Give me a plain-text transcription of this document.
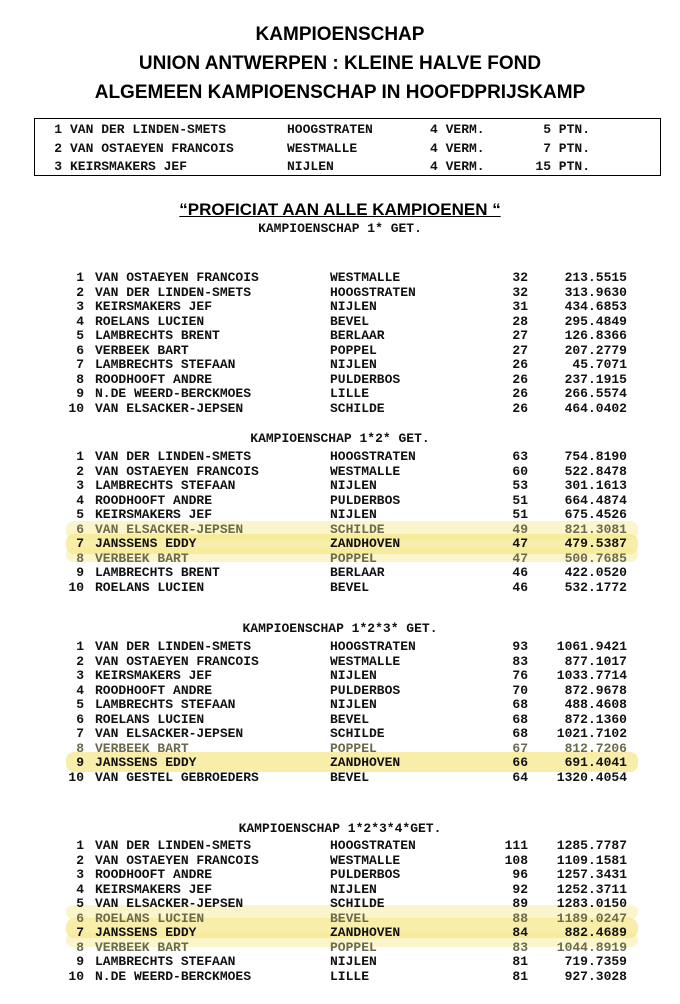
KAMPIOENSCHAP
UNION ANTWERPEN : KLEINE HALVE FOND
ALGEMEEN KAMPIOENSCHAP IN HOOFDPRIJSKAMP
1 VAN DER LINDEN-SMETS	HOOGSTRATEN	4 VERM.	5 PTN.
2 VAN OSTAEYEN FRANCOIS	WESTMALLE	4 VERM.	7 PTN.
3 KEIRSMAKERS JEF	NIJLEN	4 VERM.	15 PTN.
“PROFICIAT AAN ALLE KAMPIOENEN “
KAMPIOENSCHAP 1* GET.
1 VAN OSTAEYEN FRANCOIS	WESTMALLE	32	213.5515
2 VAN DER LINDEN-SMETS	HOOGSTRATEN	32	313.9630
3 KEIRSMAKERS JEF	NIJLEN	31	434.6853
4 ROELANS LUCIEN	BEVEL	28	295.4849
5 LAMBRECHTS BRENT	BERLAAR	27	126.8366
6 VERBEEK BART	POPPEL	27	207.2779
7 LAMBRECHTS STEFAAN	NIJLEN	26	45.7071
8 ROODHOOFT ANDRE	PULDERBOS	26	237.1915
9 N.DE WEERD-BERCKMOES	LILLE	26	266.5574
10 VAN ELSACKER-JEPSEN	SCHILDE	26	464.0402
KAMPIOENSCHAP 1*2* GET.
1 VAN DER LINDEN-SMETS	HOOGSTRATEN	63	754.8190
2 VAN OSTAEYEN FRANCOIS	WESTMALLE	60	522.8478
3 LAMBRECHTS STEFAAN	NIJLEN	53	301.1613
4 ROODHOOFT ANDRE	PULDERBOS	51	664.4874
5 KEIRSMAKERS JEF	NIJLEN	51	675.4526
6 VAN ELSACKER-JEPSEN	SCHILDE	49	821.3081
7 JANSSENS EDDY	ZANDHOVEN	47	479.5387
8 VERBEEK BART	POPPEL	47	500.7685
9 LAMBRECHTS BRENT	BERLAAR	46	422.0520
10 ROELANS LUCIEN	BEVEL	46	532.1772
KAMPIOENSCHAP 1*2*3* GET.
1 VAN DER LINDEN-SMETS	HOOGSTRATEN	93	1061.9421
2 VAN OSTAEYEN FRANCOIS	WESTMALLE	83	877.1017
3 KEIRSMAKERS JEF	NIJLEN	76	1033.7714
4 ROODHOOFT ANDRE	PULDERBOS	70	872.9678
5 LAMBRECHTS STEFAAN	NIJLEN	68	488.4608
6 ROELANS LUCIEN	BEVEL	68	872.1360
7 VAN ELSACKER-JEPSEN	SCHILDE	68	1021.7102
8 VERBEEK BART	POPPEL	67	812.7206
9 JANSSENS EDDY	ZANDHOVEN	66	691.4041
10 VAN GESTEL GEBROEDERS	BEVEL	64	1320.4054
KAMPIOENSCHAP 1*2*3*4*GET.
1 VAN DER LINDEN-SMETS	HOOGSTRATEN	111	1285.7787
2 VAN OSTAEYEN FRANCOIS	WESTMALLE	108	1109.1581
3 ROODHOOFT ANDRE	PULDERBOS	96	1257.3431
4 KEIRSMAKERS JEF	NIJLEN	92	1252.3711
5 VAN ELSACKER-JEPSEN	SCHILDE	89	1283.0150
6 ROELANS LUCIEN	BEVEL	88	1189.0247
7 JANSSENS EDDY	ZANDHOVEN	84	882.4689
8 VERBEEK BART	POPPEL	83	1044.8919
9 LAMBRECHTS STEFAAN	NIJLEN	81	719.7359
10 N.DE WEERD-BERCKMOES	LILLE	81	927.3028
